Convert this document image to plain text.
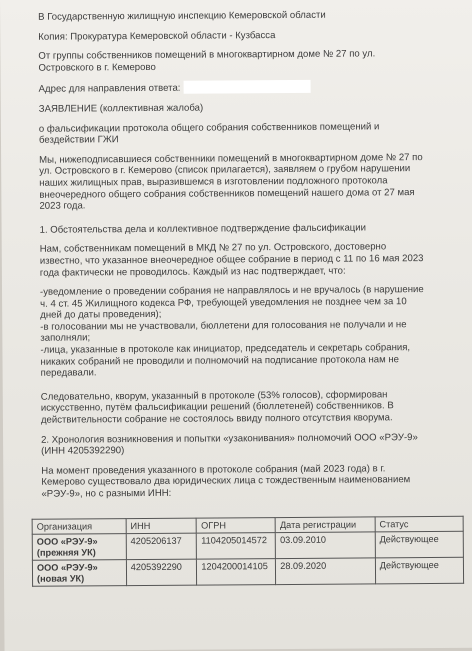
В Государственную жилищную инспекцию Кемеровской области

Копия: Прокуратура Кемеровской области - Кузбасса

От группы собственников помещений в многоквартирном доме № 27 по ул.
Островского в г. Кемерово

Адрес для направления ответа:

ЗАЯВЛЕНИЕ (коллективная жалоба)

о фальсификации протокола общего собрания собственников помещений и
бездействии ГЖИ

Мы, нижеподписавшиеся собственники помещений в многоквартирном доме № 27 по
ул. Островского в г. Кемерово (список прилагается), заявляем о грубом нарушении
наших жилищных прав, выразившемся в изготовлении подложного протокола
внеочередного общего собрания собственников помещений нашего дома от 27 мая
2023 года.

1. Обстоятельства дела и коллективное подтверждение фальсификации

Нам, собственникам помещений в МКД № 27 по ул. Островского, достоверно
известно, что указанное внеочередное общее собрание в период с 11 по 16 мая 2023
года фактически не проводилось. Каждый из нас подтверждает, что:

-уведомление о проведении собрания не направлялось и не вручалось (в нарушение
ч. 4 ст. 45 Жилищного кодекса РФ, требующей уведомления не позднее чем за 10
дней до даты проведения);

-в голосовании мы не участвовали, бюллетени для голосования не получали и не
заполняли;

-лица, указанные в протоколе как инициатор, председатель и секретарь собрания,
никаких собраний не проводили и полномочий на подписание протокола нам не
передавали.

Следовательно, кворум, указанный в протоколе (53% голосов), сформирован
искусственно, путём фальсификации решений (бюллетеней) собственников. В
действительности собрание не состоялось ввиду полного отсутствия кворума.

2. Хронология возникновения и попытки «узаконивания» полномочий ООО «РЭУ-9»
(ИНН 4205392290)

На момент проведения указанного в протоколе собрания (май 2023 года) в г.
Кемерово существовало два юридических лица с тождественным наименованием
«РЭУ-9», но с разными ИНН:

Организация	ИНН	ОГРН	Дата регистрации	Статус
ООО «РЭУ-9»
(прежняя УК)	4205206137	1104205014572	03.09.2010	Действующее
ООО «РЭУ-9»
(новая УК)	4205392290	1204200014105	28.09.2020	Действующее
